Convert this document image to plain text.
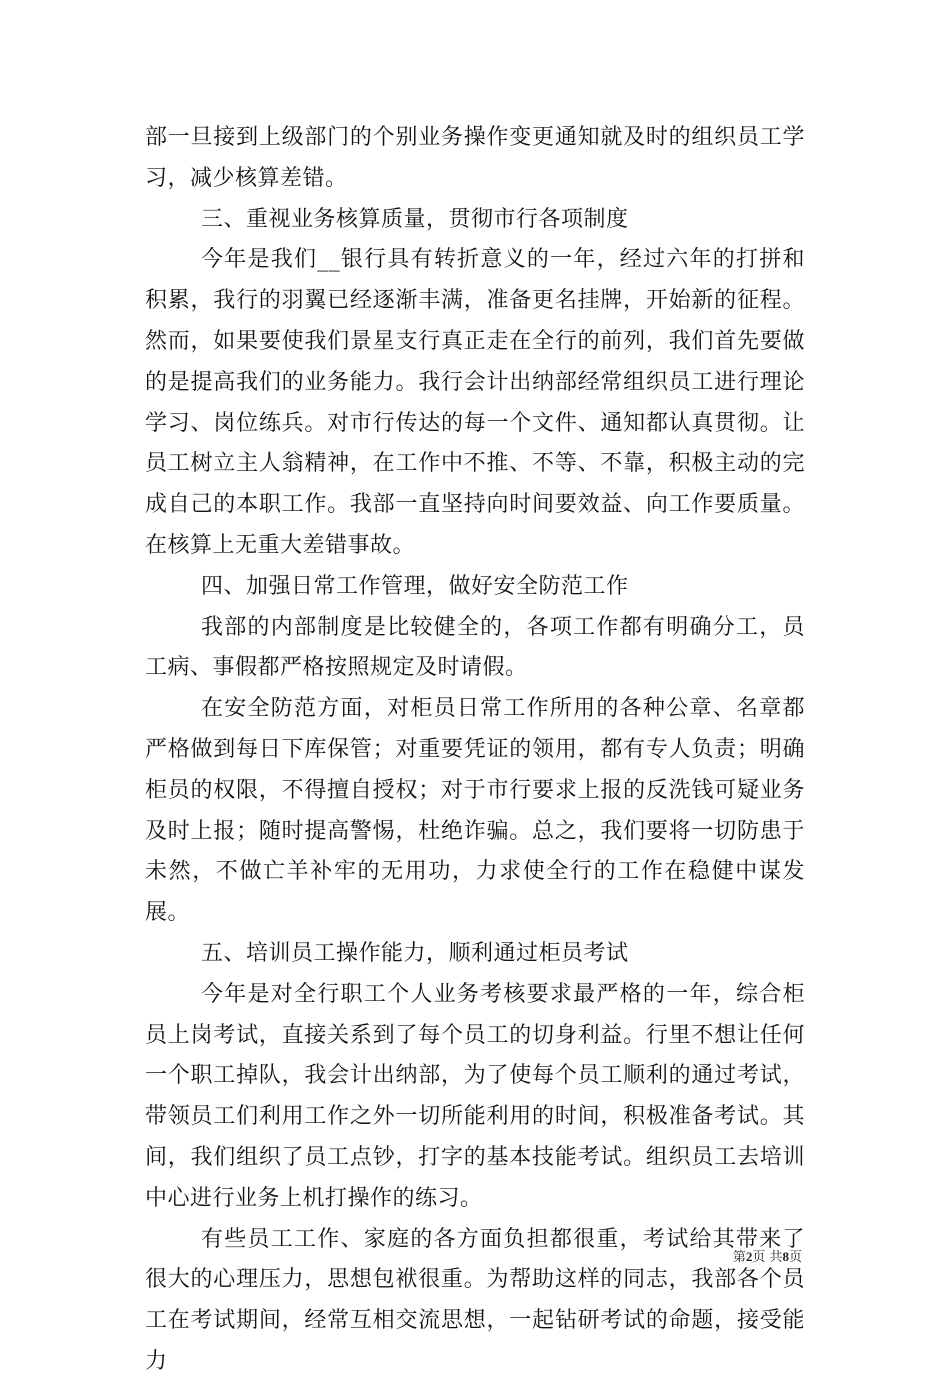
部一旦接到上级部门的个别业务操作变更通知就及时的组织员工学习，减少核算差错。

三、重视业务核算质量，贯彻市行各项制度

今年是我们__银行具有转折意义的一年，经过六年的打拼和积累，我行的羽翼已经逐渐丰满，准备更名挂牌，开始新的征程。然而，如果要使我们景星支行真正走在全行的前列，我们首先要做的是提高我们的业务能力。我行会计出纳部经常组织员工进行理论学习、岗位练兵。对市行传达的每一个文件、通知都认真贯彻。让员工树立主人翁精神，在工作中不推、不等、不靠，积极主动的完成自己的本职工作。我部一直坚持向时间要效益、向工作要质量。在核算上无重大差错事故。

四、加强日常工作管理，做好安全防范工作

我部的内部制度是比较健全的，各项工作都有明确分工，员工病、事假都严格按照规定及时请假。

在安全防范方面，对柜员日常工作所用的各种公章、名章都严格做到每日下库保管；对重要凭证的领用，都有专人负责；明确柜员的权限，不得擅自授权；对于市行要求上报的反洗钱可疑业务及时上报；随时提高警惕，杜绝诈骗。总之，我们要将一切防患于未然，不做亡羊补牢的无用功，力求使全行的工作在稳健中谋发展。

五、培训员工操作能力，顺利通过柜员考试

今年是对全行职工个人业务考核要求最严格的一年，综合柜员上岗考试，直接关系到了每个员工的切身利益。行里不想让任何一个职工掉队，我会计出纳部，为了使每个员工顺利的通过考试，带领员工们利用工作之外一切所能利用的时间，积极准备考试。其间，我们组织了员工点钞，打字的基本技能考试。组织员工去培训中心进行业务上机打操作的练习。

有些员工工作、家庭的各方面负担都很重，考试给其带来了很大的心理压力，思想包袱很重。为帮助这样的同志，我部各个员工在考试期间，经常互相交流思想，一起钻研考试的命题，接受能力

第2页 共8页
